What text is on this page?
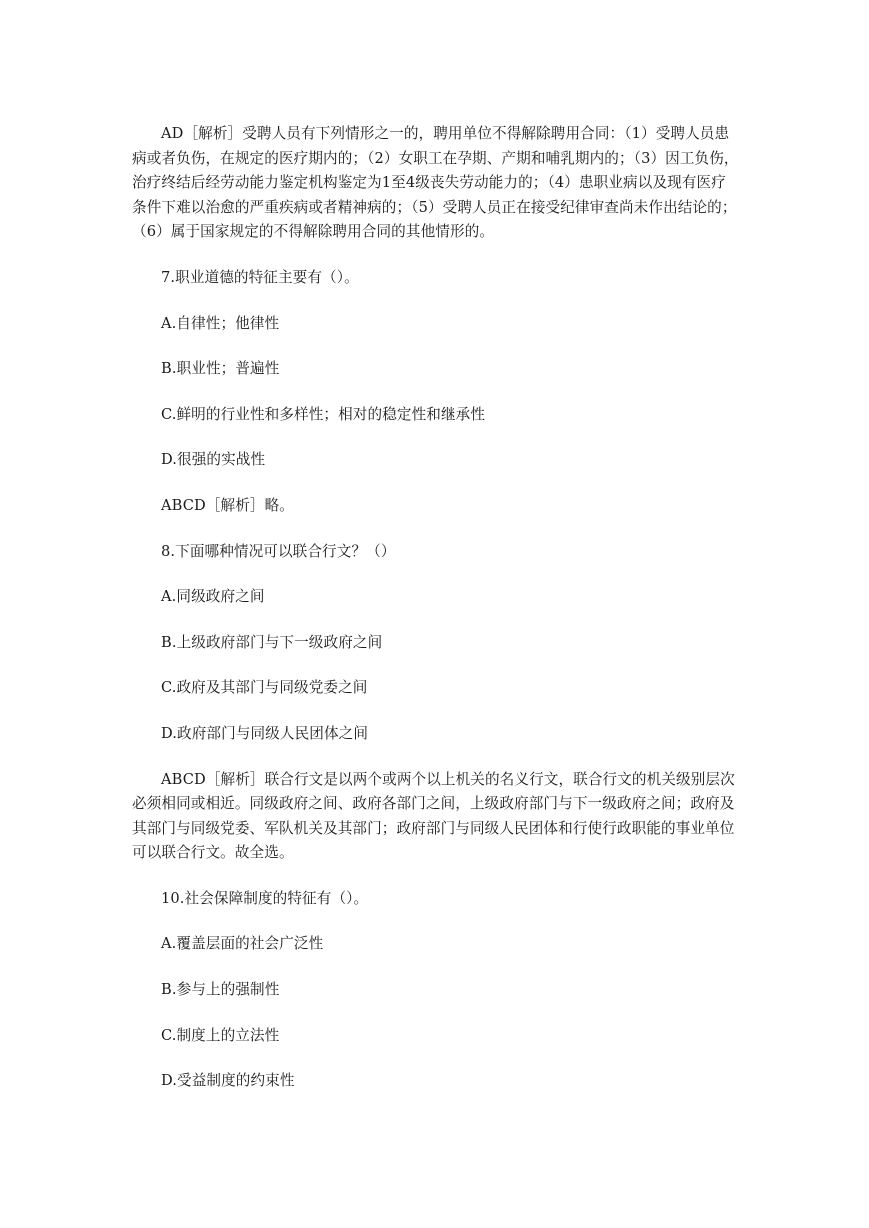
AD［解析］受聘人员有下列情形之一的，聘用单位不得解除聘用合同：（1）受聘人员患病或者负伤，在规定的医疗期内的；（2）女职工在孕期、产期和哺乳期内的；（3）因工负伤，治疗终结后经劳动能力鉴定机构鉴定为1至4级丧失劳动能力的；（4）患职业病以及现有医疗条件下难以治愈的严重疾病或者精神病的；（5）受聘人员正在接受纪律审查尚未作出结论的；（6）属于国家规定的不得解除聘用合同的其他情形的。

7.职业道德的特征主要有（）。

A.自律性；他律性

B.职业性；普遍性

C.鲜明的行业性和多样性；相对的稳定性和继承性

D.很强的实战性

ABCD［解析］略。

8.下面哪种情况可以联合行文？（）

A.同级政府之间

B.上级政府部门与下一级政府之间

C.政府及其部门与同级党委之间

D.政府部门与同级人民团体之间

ABCD［解析］联合行文是以两个或两个以上机关的名义行文，联合行文的机关级别层次必须相同或相近。同级政府之间、政府各部门之间，上级政府部门与下一级政府之间；政府及其部门与同级党委、军队机关及其部门；政府部门与同级人民团体和行使行政职能的事业单位可以联合行文。故全选。

10.社会保障制度的特征有（）。

A.覆盖层面的社会广泛性

B.参与上的强制性

C.制度上的立法性

D.受益制度的约束性
